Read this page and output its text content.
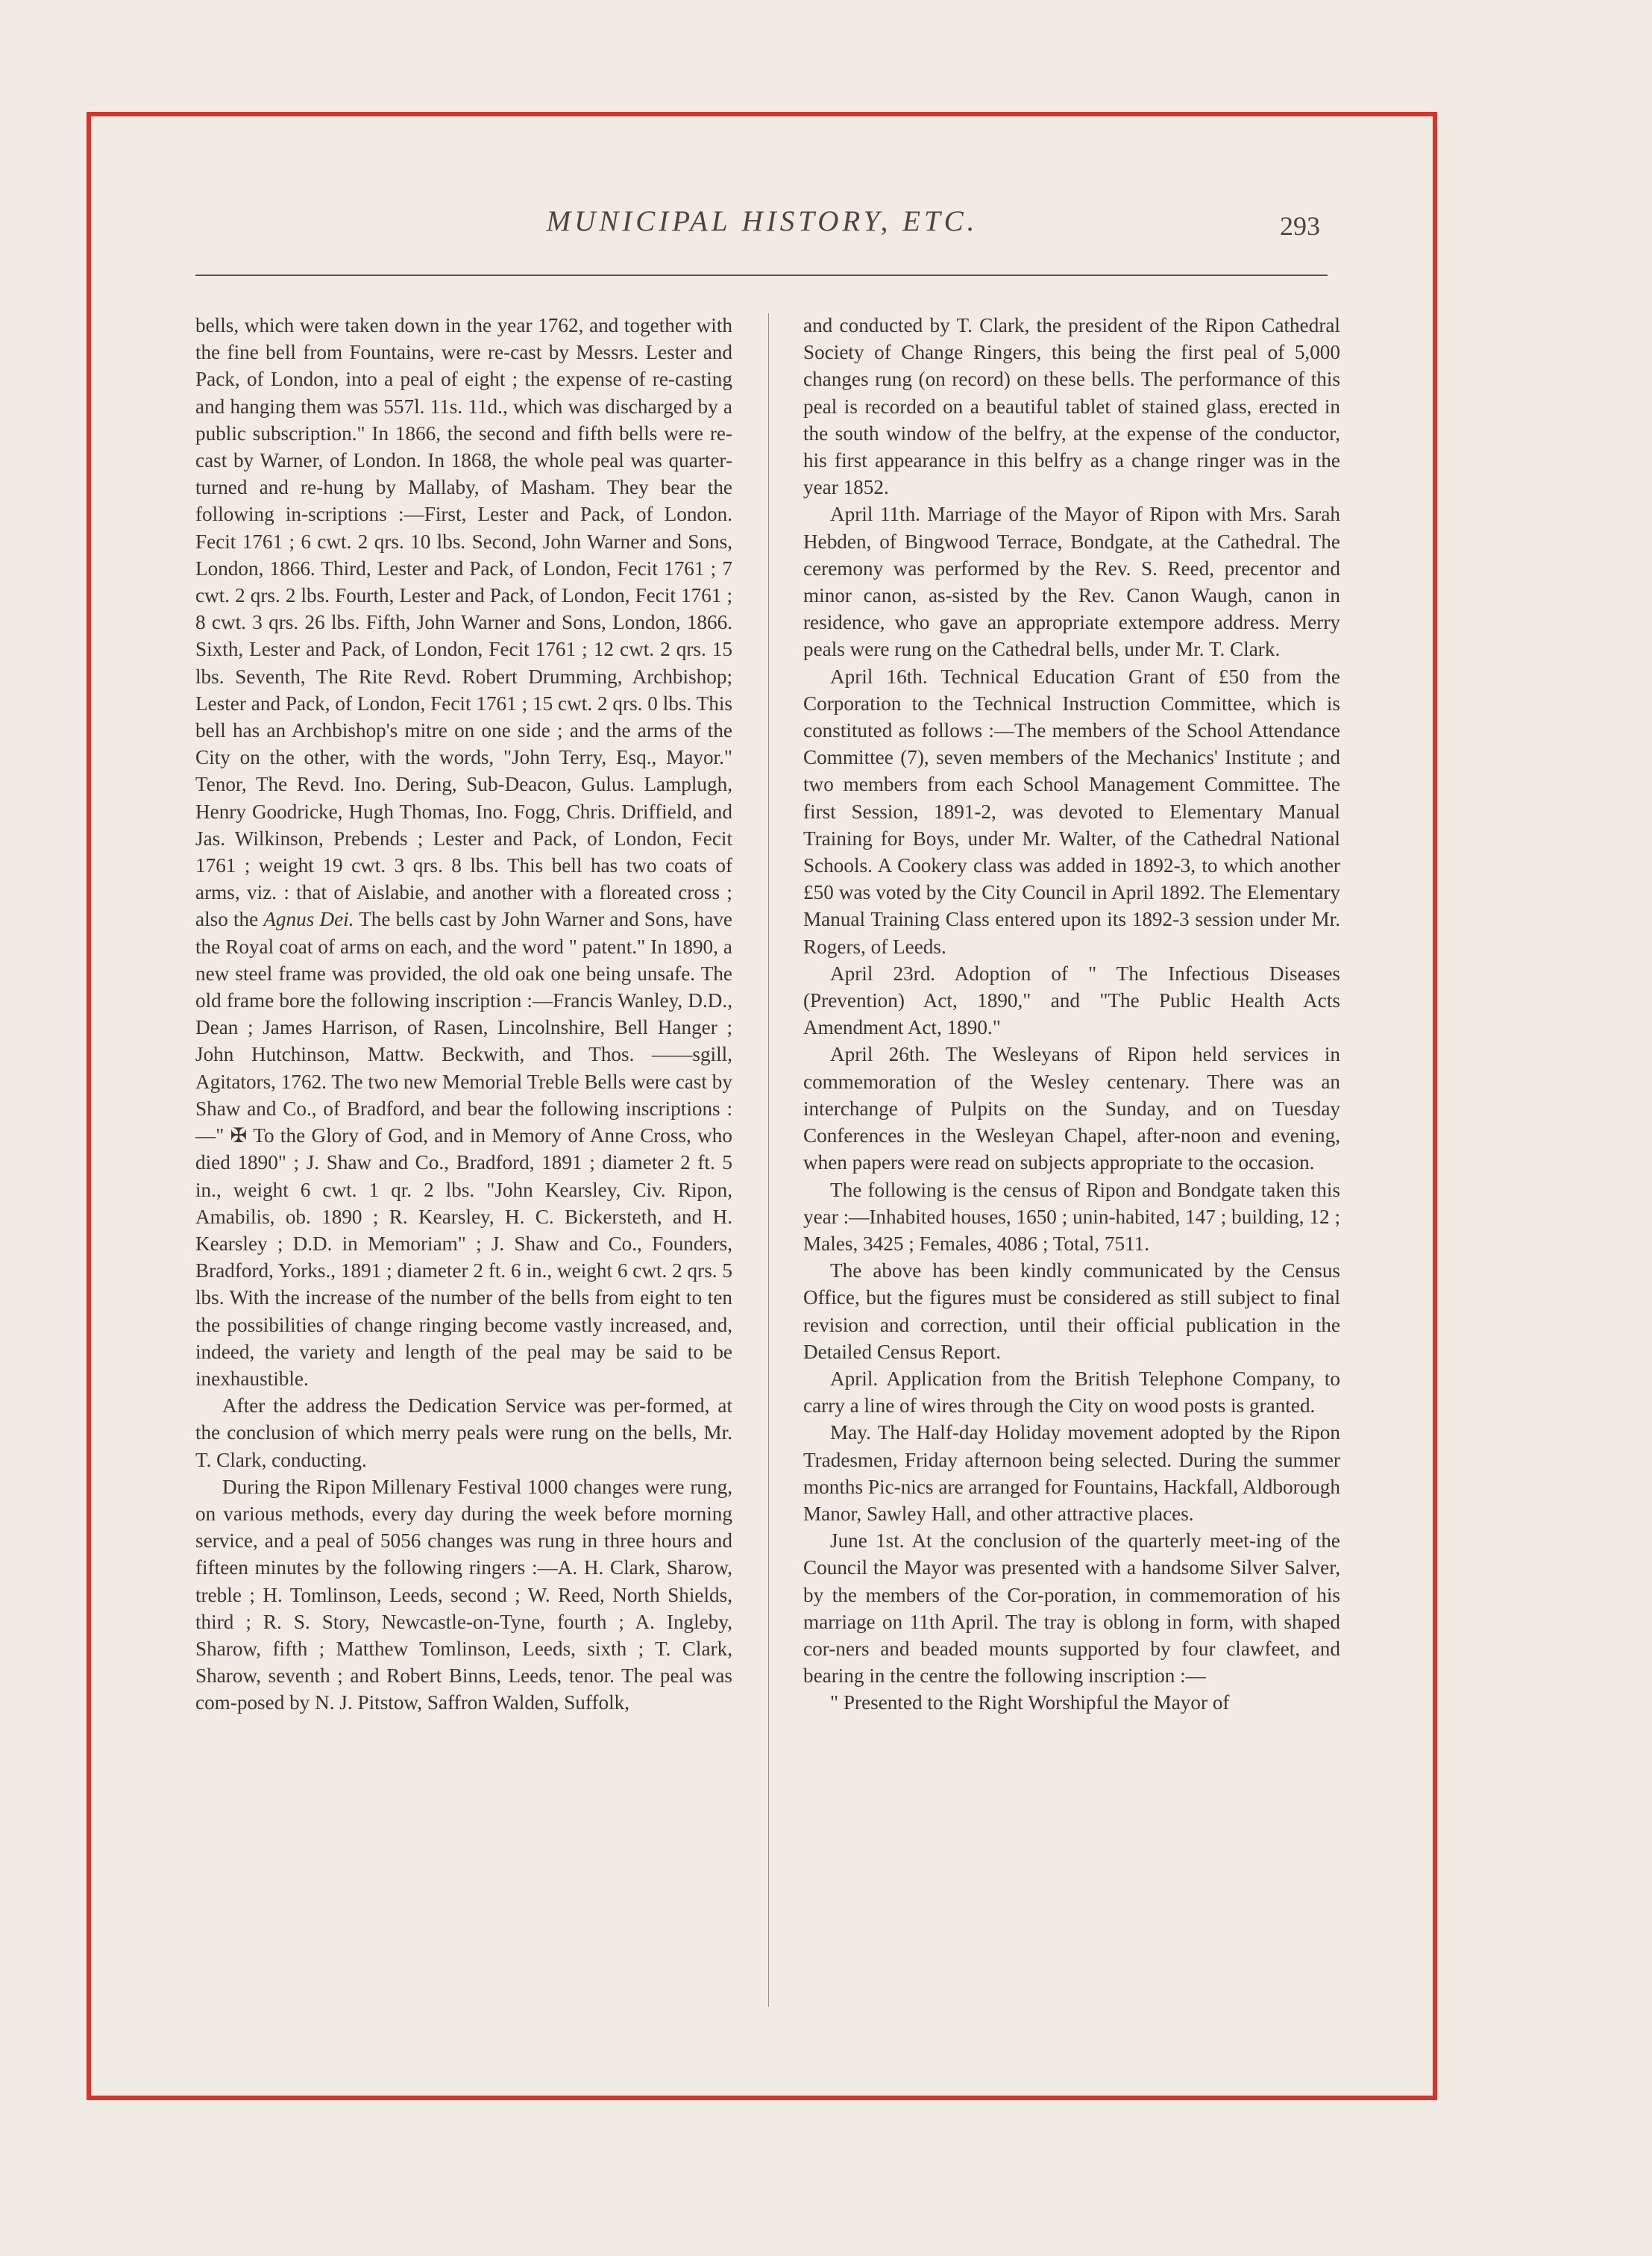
MUNICIPAL HISTORY, ETC.	293

bells, which were taken down in the year 1762, and together with the fine bell from Fountains, were re-cast by Messrs. Lester and Pack, of London, into a peal of eight ; the expense of re-casting and hanging them was 557l. 11s. 11d., which was discharged by a public subscription." In 1866, the second and fifth bells were re-cast by Warner, of London. In 1868, the whole peal was quarter-turned and re-hung by Mallaby, of Masham. They bear the following in-scriptions :—First, Lester and Pack, of London. Fecit 1761 ; 6 cwt. 2 qrs. 10 lbs. Second, John Warner and Sons, London, 1866. Third, Lester and Pack, of London, Fecit 1761 ; 7 cwt. 2 qrs. 2 lbs. Fourth, Lester and Pack, of London, Fecit 1761 ; 8 cwt. 3 qrs. 26 lbs. Fifth, John Warner and Sons, London, 1866. Sixth, Lester and Pack, of London, Fecit 1761 ; 12 cwt. 2 qrs. 15 lbs. Seventh, The Rite Revd. Robert Drumming, Archbishop; Lester and Pack, of London, Fecit 1761 ; 15 cwt. 2 qrs. 0 lbs. This bell has an Archbishop's mitre on one side ; and the arms of the City on the other, with the words, "John Terry, Esq., Mayor." Tenor, The Revd. Ino. Dering, Sub-Deacon, Gulus. Lamplugh, Henry Goodricke, Hugh Thomas, Ino. Fogg, Chris. Driffield, and Jas. Wilkinson, Prebends ; Lester and Pack, of London, Fecit 1761 ; weight 19 cwt. 3 qrs. 8 lbs. This bell has two coats of arms, viz. : that of Aislabie, and another with a floreated cross ; also the Agnus Dei. The bells cast by John Warner and Sons, have the Royal coat of arms on each, and the word " patent." In 1890, a new steel frame was provided, the old oak one being unsafe. The old frame bore the following inscription :—Francis Wanley, D.D., Dean ; James Harrison, of Rasen, Lincolnshire, Bell Hanger ; John Hutchinson, Mattw. Beckwith, and Thos. ——sgill, Agitators, 1762. The two new Memorial Treble Bells were cast by Shaw and Co., of Bradford, and bear the following inscriptions :—" ✠ To the Glory of God, and in Memory of Anne Cross, who died 1890" ; J. Shaw and Co., Bradford, 1891 ; diameter 2 ft. 5 in., weight 6 cwt. 1 qr. 2 lbs. "John Kearsley, Civ. Ripon, Amabilis, ob. 1890 ; R. Kearsley, H. C. Bickersteth, and H. Kearsley ; D.D. in Memoriam" ; J. Shaw and Co., Founders, Bradford, Yorks., 1891 ; diameter 2 ft. 6 in., weight 6 cwt. 2 qrs. 5 lbs. With the increase of the number of the bells from eight to ten the possibilities of change ringing become vastly increased, and, indeed, the variety and length of the peal may be said to be inexhaustible.

After the address the Dedication Service was per-formed, at the conclusion of which merry peals were rung on the bells, Mr. T. Clark, conducting.

During the Ripon Millenary Festival 1000 changes were rung, on various methods, every day during the week before morning service, and a peal of 5056 changes was rung in three hours and fifteen minutes by the following ringers :—A. H. Clark, Sharow, treble ; H. Tomlinson, Leeds, second ; W. Reed, North Shields, third ; R. S. Story, Newcastle-on-Tyne, fourth ; A. Ingleby, Sharow, fifth ; Matthew Tomlinson, Leeds, sixth ; T. Clark, Sharow, seventh ; and Robert Binns, Leeds, tenor. The peal was com-posed by N. J. Pitstow, Saffron Walden, Suffolk,

and conducted by T. Clark, the president of the Ripon Cathedral Society of Change Ringers, this being the first peal of 5,000 changes rung (on record) on these bells. The performance of this peal is recorded on a beautiful tablet of stained glass, erected in the south window of the belfry, at the expense of the conductor, his first appearance in this belfry as a change ringer was in the year 1852.

April 11th. Marriage of the Mayor of Ripon with Mrs. Sarah Hebden, of Bingwood Terrace, Bondgate, at the Cathedral. The ceremony was performed by the Rev. S. Reed, precentor and minor canon, as-sisted by the Rev. Canon Waugh, canon in residence, who gave an appropriate extempore address. Merry peals were rung on the Cathedral bells, under Mr. T. Clark.

April 16th. Technical Education Grant of £50 from the Corporation to the Technical Instruction Committee, which is constituted as follows :—The members of the School Attendance Committee (7), seven members of the Mechanics' Institute ; and two members from each School Management Committee. The first Session, 1891-2, was devoted to Elementary Manual Training for Boys, under Mr. Walter, of the Cathedral National Schools. A Cookery class was added in 1892-3, to which another £50 was voted by the City Council in April 1892. The Elementary Manual Training Class entered upon its 1892-3 session under Mr. Rogers, of Leeds.

April 23rd. Adoption of " The Infectious Diseases (Prevention) Act, 1890," and "The Public Health Acts Amendment Act, 1890."

April 26th. The Wesleyans of Ripon held services in commemoration of the Wesley centenary. There was an interchange of Pulpits on the Sunday, and on Tuesday Conferences in the Wesleyan Chapel, after-noon and evening, when papers were read on subjects appropriate to the occasion.

The following is the census of Ripon and Bondgate taken this year :—Inhabited houses, 1650 ; unin-habited, 147 ; building, 12 ; Males, 3425 ; Females, 4086 ; Total, 7511.

The above has been kindly communicated by the Census Office, but the figures must be considered as still subject to final revision and correction, until their official publication in the Detailed Census Report.

April. Application from the British Telephone Company, to carry a line of wires through the City on wood posts is granted.

May. The Half-day Holiday movement adopted by the Ripon Tradesmen, Friday afternoon being selected. During the summer months Pic-nics are arranged for Fountains, Hackfall, Aldborough Manor, Sawley Hall, and other attractive places.

June 1st. At the conclusion of the quarterly meet-ing of the Council the Mayor was presented with a handsome Silver Salver, by the members of the Cor-poration, in commemoration of his marriage on 11th April. The tray is oblong in form, with shaped cor-ners and beaded mounts supported by four clawfeet, and bearing in the centre the following inscription :—

" Presented to the Right Worshipful the Mayor of
